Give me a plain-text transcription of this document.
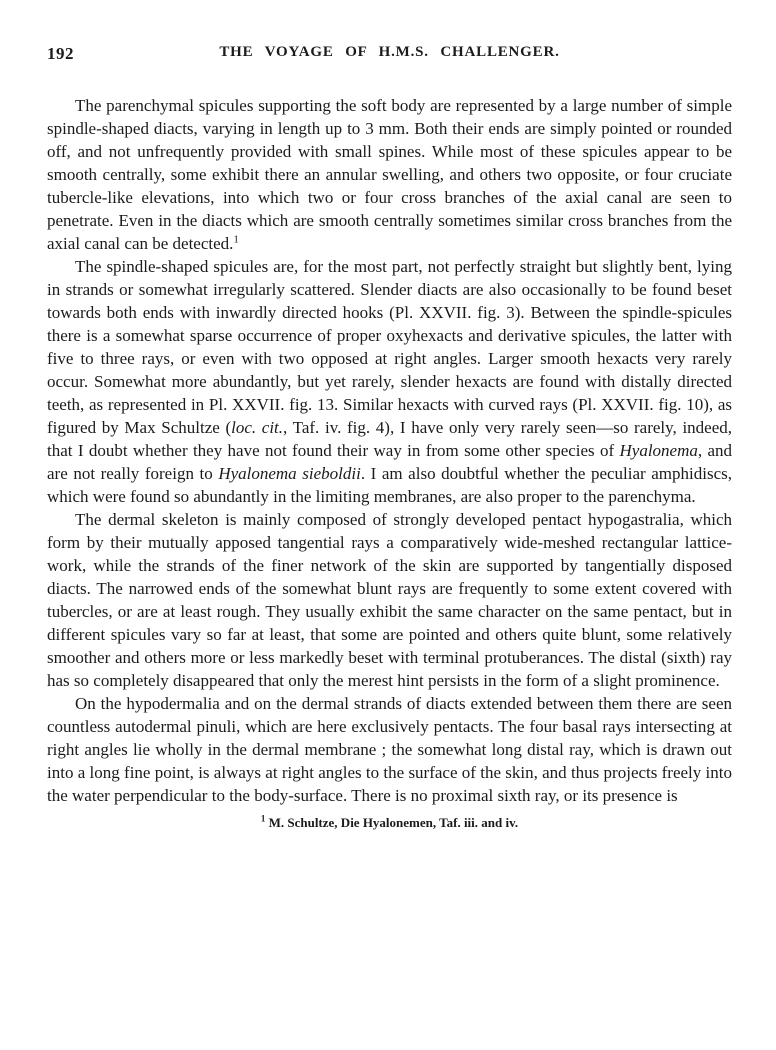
192	THE VOYAGE OF H.M.S. CHALLENGER.

The parenchymal spicules supporting the soft body are represented by a large number of simple spindle-shaped diacts, varying in length up to 3 mm. Both their ends are simply pointed or rounded off, and not unfrequently provided with small spines. While most of these spicules appear to be smooth centrally, some exhibit there an annular swelling, and others two opposite, or four cruciate tubercle-like elevations, into which two or four cross branches of the axial canal are seen to penetrate. Even in the diacts which are smooth centrally sometimes similar cross branches from the axial canal can be detected.$^1$

The spindle-shaped spicules are, for the most part, not perfectly straight but slightly bent, lying in strands or somewhat irregularly scattered. Slender diacts are also occasionally to be found beset towards both ends with inwardly directed hooks (Pl. XXVII. fig. 3). Between the spindle-spicules there is a somewhat sparse occurrence of proper oxyhexacts and derivative spicules, the latter with five to three rays, or even with two opposed at right angles. Larger smooth hexacts very rarely occur. Somewhat more abundantly, but yet rarely, slender hexacts are found with distally directed teeth, as represented in Pl. XXVII. fig. 13. Similar hexacts with curved rays (Pl. XXVII. fig. 10), as figured by Max Schultze (loc. cit., Taf. iv. fig. 4), I have only very rarely seen—so rarely, indeed, that I doubt whether they have not found their way in from some other species of Hyalonema, and are not really foreign to Hyalonema sieboldii. I am also doubtful whether the peculiar amphidiscs, which were found so abundantly in the limiting membranes, are also proper to the parenchyma.

The dermal skeleton is mainly composed of strongly developed pentact hypogastralia, which form by their mutually apposed tangential rays a comparatively wide-meshed rectangular lattice-work, while the strands of the finer network of the skin are supported by tangentially disposed diacts. The narrowed ends of the somewhat blunt rays are frequently to some extent covered with tubercles, or are at least rough. They usually exhibit the same character on the same pentact, but in different spicules vary so far at least, that some are pointed and others quite blunt, some relatively smoother and others more or less markedly beset with terminal protuberances. The distal (sixth) ray has so completely disappeared that only the merest hint persists in the form of a slight prominence.

On the hypodermalia and on the dermal strands of diacts extended between them there are seen countless autodermal pinuli, which are here exclusively pentacts. The four basal rays intersecting at right angles lie wholly in the dermal membrane ; the somewhat long distal ray, which is drawn out into a long fine point, is always at right angles to the surface of the skin, and thus projects freely into the water perpendicular to the body-surface. There is no proximal sixth ray, or its presence is

$^1$ M. Schultze, Die Hyalonemen, Taf. iii. and iv.
